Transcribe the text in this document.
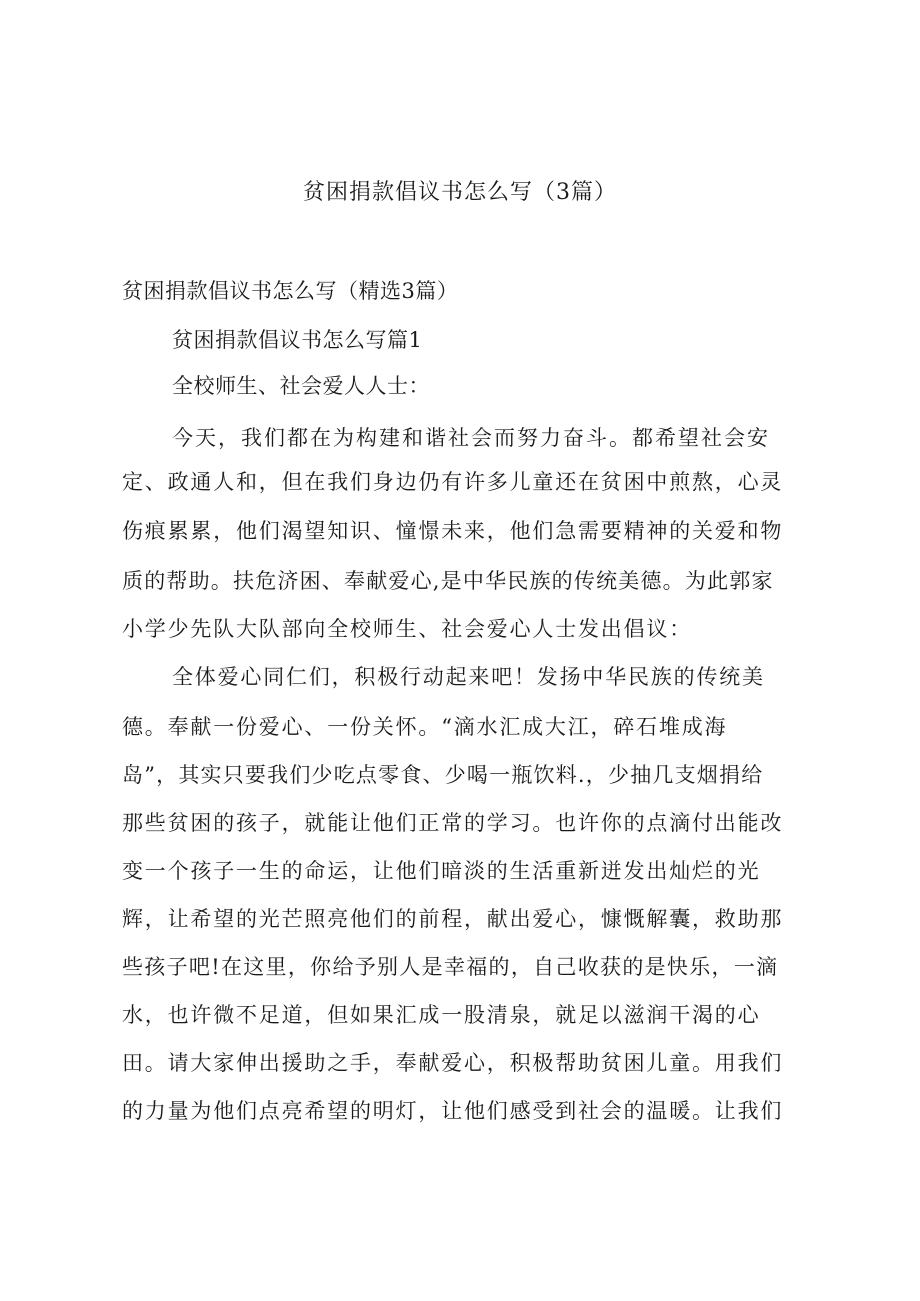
贫困捐款倡议书怎么写（3篇）

贫困捐款倡议书怎么写（精选3篇）

贫困捐款倡议书怎么写篇1

全校师生、社会爱人人士：

今天，我们都在为构建和谐社会而努力奋斗。都希望社会安

定、政通人和，但在我们身边仍有许多儿童还在贫困中煎熬，心灵

伤痕累累，他们渴望知识、憧憬未来，他们急需要精神的关爱和物

质的帮助。扶危济困、奉献爱心,是中华民族的传统美德。为此郭家

小学少先队大队部向全校师生、社会爱心人士发出倡议：

全体爱心同仁们，积极行动起来吧！发扬中华民族的传统美

德。奉献一份爱心、一份关怀。“滴水汇成大江，碎石堆成海

岛”，其实只要我们少吃点零食、少喝一瓶饮料.，少抽几支烟捐给

那些贫困的孩子，就能让他们正常的学习。也许你的点滴付出能改

变一个孩子一生的命运，让他们暗淡的生活重新迸发出灿烂的光

辉，让希望的光芒照亮他们的前程，献出爱心，慷慨解囊，救助那

些孩子吧!在这里，你给予别人是幸福的，自己收获的是快乐，一滴

水，也许微不足道，但如果汇成一股清泉，就足以滋润干渴的心

田。请大家伸出援助之手，奉献爱心，积极帮助贫困儿童。用我们

的力量为他们点亮希望的明灯，让他们感受到社会的温暖。让我们
